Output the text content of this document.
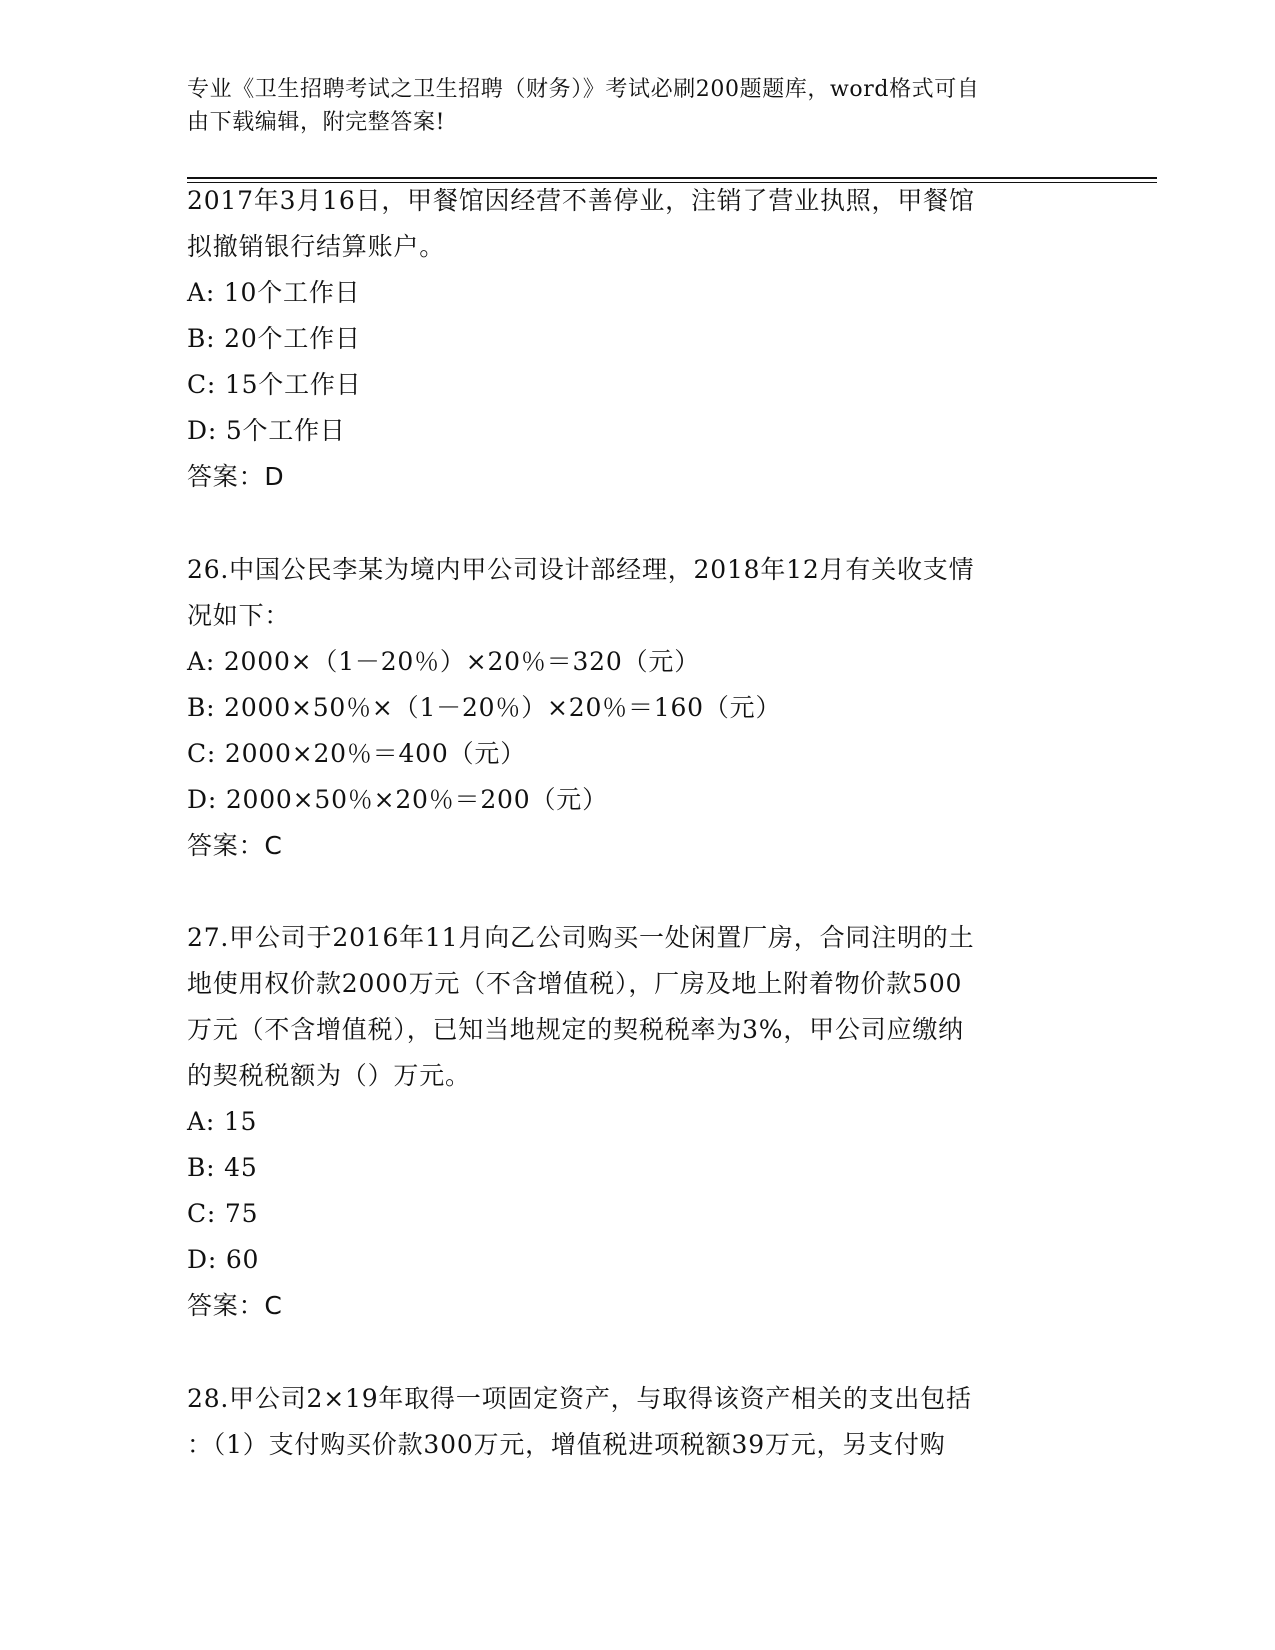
专业《卫生招聘考试之卫生招聘（财务）》考试必刷200题题库，word格式可自
由下载编辑，附完整答案!
2017年3月16日，甲餐馆因经营不善停业，注销了营业执照，甲餐馆
拟撤销银行结算账户。
A: 10个工作日
B: 20个工作日
C: 15个工作日
D: 5个工作日
答案：D
26.中国公民李某为境内甲公司设计部经理，2018年12月有关收支情
况如下：
A: 2000×（1－20％）×20％＝320（元）
B: 2000×50％×（1－20％）×20％＝160（元）
C: 2000×20％＝400（元）
D: 2000×50％×20％＝200（元）
答案：C
27.甲公司于2016年11月向乙公司购买一处闲置厂房，合同注明的土
地使用权价款2000万元（不含增值税），厂房及地上附着物价款500
万元（不含增值税），已知当地规定的契税税率为3%，甲公司应缴纳
的契税税额为（）万元。
A: 15
B: 45
C: 75
D: 60
答案：C
28.甲公司2×19年取得一项固定资产，与取得该资产相关的支出包括
：（1）支付购买价款300万元，增值税进项税额39万元，另支付购
